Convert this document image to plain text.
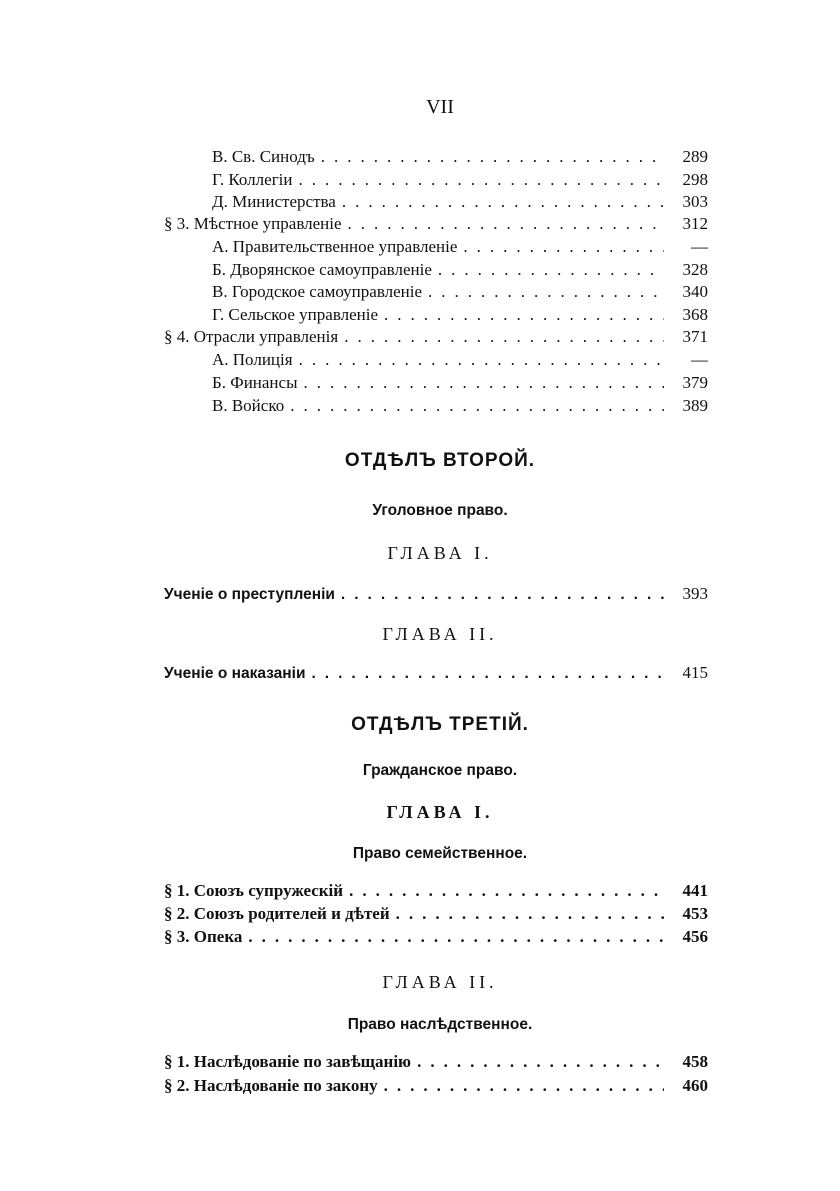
VII
В. Св. Синодъ .....	289
Г. Коллегіи .....	298
Д. Министерства .....	303
§ 3. Мѣстное управленіе .....	312
А. Правительственное управленіе .....	—
Б. Дворянское самоуправленіе .....	328
В. Городское самоуправленіе .....	340
Г. Сельское управленіе .....	368
§ 4. Отрасли управленія .....	371
А. Полиція .....	—
Б. Финансы .....	379
В. Войско .....	389
ОТДѢЛЪ ВТОРОЙ.
Уголовное право.
ГЛАВА I.
Ученіе о преступленіи .....	393
ГЛАВА II.
Ученіе о наказаніи .....	415
ОТДѢЛЪ ТРЕТІЙ.
Гражданское право.
ГЛАВА I.
Право семейственное.
§ 1. Союзъ супружескій .....	441
§ 2. Союзъ родителей и дѣтей .....	453
§ 3. Опека .....	456
ГЛАВА II.
Право наслѣдственное.
§ 1. Наслѣдованіе по завѣщанію .....	458
§ 2. Наслѣдованіе по закону .....	460
